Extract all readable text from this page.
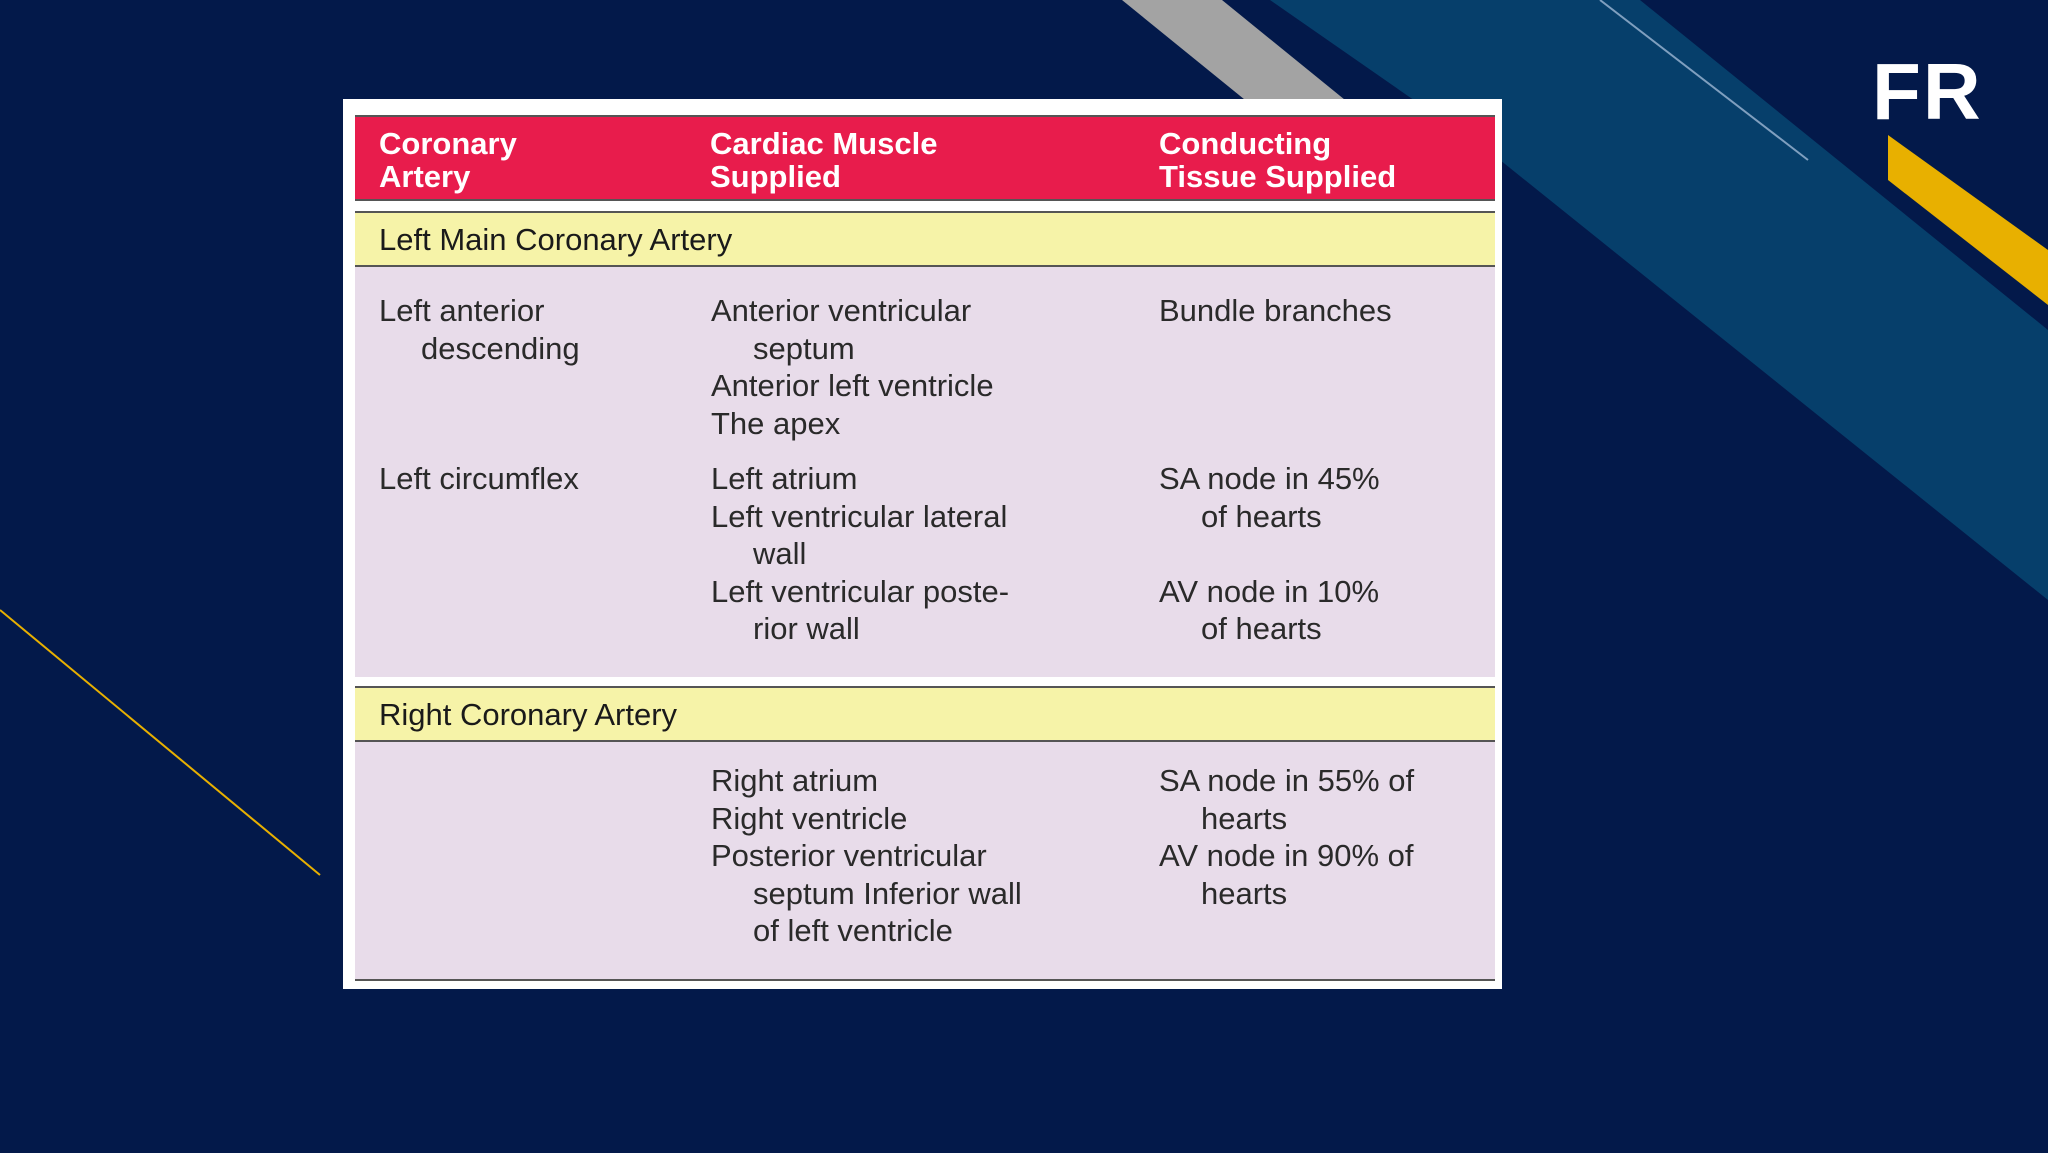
FR
Coronary
Artery
Cardiac Muscle
Supplied
Conducting
Tissue Supplied
Left Main Coronary Artery
Left anterior
descending
Anterior ventricular
septum
Anterior left ventricle
The apex
Bundle branches
Left circumflex	Left atrium
Left ventricular lateral
wall
Left ventricular poste-
rior wall
SA node in 45%
of hearts

AV node in 10%
of hearts
Right Coronary Artery
Right atrium
Right ventricle
Posterior ventricular
septum Inferior wall
of left ventricle
SA node in 55% of
hearts
AV node in 90% of
hearts
